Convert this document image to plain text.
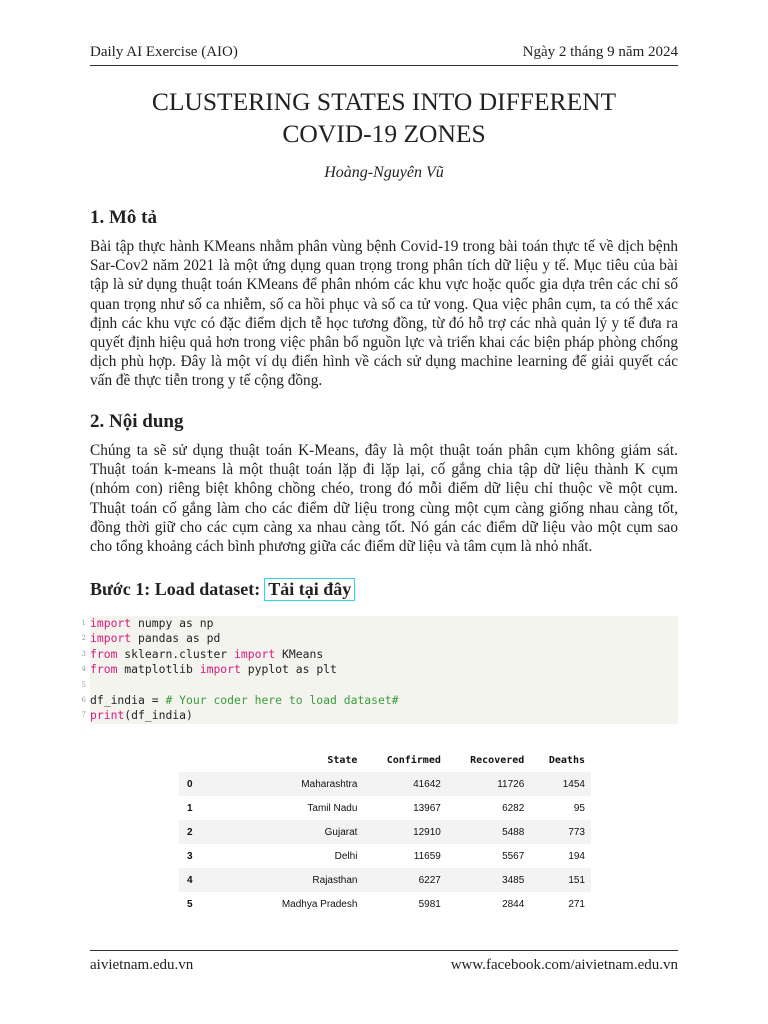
Daily AI Exercise (AIO)	Ngày 2 tháng 9 năm 2024
CLUSTERING STATES INTO DIFFERENT
COVID-19 ZONES
Hoàng-Nguyên Vũ
1. Mô tả
Bài tập thực hành KMeans nhằm phân vùng bệnh Covid-19 trong bài toán thực tế về dịch bệnh Sar-Cov2 năm 2021 là một ứng dụng quan trọng trong phân tích dữ liệu y tế. Mục tiêu của bài tập là sử dụng thuật toán KMeans để phân nhóm các khu vực hoặc quốc gia dựa trên các chỉ số quan trọng như số ca nhiễm, số ca hồi phục và số ca tử vong. Qua việc phân cụm, ta có thể xác định các khu vực có đặc điểm dịch tễ học tương đồng, từ đó hỗ trợ các nhà quản lý y tế đưa ra quyết định hiệu quả hơn trong việc phân bổ nguồn lực và triển khai các biện pháp phòng chống dịch phù hợp. Đây là một ví dụ điển hình về cách sử dụng machine learning để giải quyết các vấn đề thực tiễn trong y tế cộng đồng.
2. Nội dung
Chúng ta sẽ sử dụng thuật toán K-Means, đây là một thuật toán phân cụm không giám sát. Thuật toán k-means là một thuật toán lặp đi lặp lại, cố gắng chia tập dữ liệu thành K cụm (nhóm con) riêng biệt không chồng chéo, trong đó mỗi điểm dữ liệu chỉ thuộc về một cụm. Thuật toán cố gắng làm cho các điểm dữ liệu trong cùng một cụm càng giống nhau càng tốt, đồng thời giữ cho các cụm càng xa nhau càng tốt. Nó gán các điểm dữ liệu vào một cụm sao cho tổng khoảng cách bình phương giữa các điểm dữ liệu và tâm cụm là nhỏ nhất.
Bước 1: Load dataset: Tải tại đây
1 import numpy as np
2 import pandas as pd
3 from sklearn.cluster import KMeans
4 from matplotlib import pyplot as plt
5
6 df_india = # Your coder here to load dataset#
7 print(df_india)
	State	Confirmed	Recovered	Deaths
0	Maharashtra	41642	11726	1454
1	Tamil Nadu	13967	6282	95
2	Gujarat	12910	5488	773
3	Delhi	11659	5567	194
4	Rajasthan	6227	3485	151
5	Madhya Pradesh	5981	2844	271
aivietnam.edu.vn	www.facebook.com/aivietnam.edu.vn
